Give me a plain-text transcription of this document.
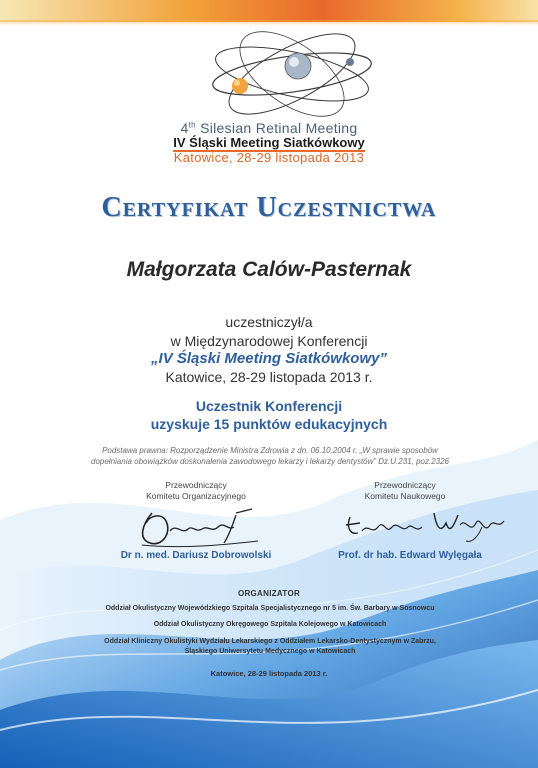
4th Silesian Retinal Meeting
IV Śląski Meeting Siatkówkowy
Katowice, 28-29 listopada 2013
Certyfikat Uczestnictwa
Małgorzata Calów-Pasternak
uczestniczył/a
w Międzynarodowej Konferencji
„IV Śląski Meeting Siatkówkowy”
Katowice, 28-29 listopada 2013 r.
Uczestnik Konferencji
uzyskuje 15 punktów edukacyjnych
Podstawa prawna: Rozporządzenie Ministra Zdrowia z dn. 06.10.2004 r. „W sprawie sposobów
dopełniania obowiązków doskonalenia zawodowego lekarzy i lekarzy dentystów” Dz.U.231, poz.2326
Przewodniczący
Komitetu Organizacyjnego
Przewodniczący
Komitetu Naukowego
Dr n. med. Dariusz Dobrowolski	Prof. dr hab. Edward Wylęgała
ORGANIZATOR
Oddział Okulistyczny Wojewódzkiego Szpitala Specjalistycznego nr 5 im. Św. Barbary w Sosnowcu
Oddział Okulistyczny Okręgowego Szpitala Kolejowego w Katowicach
Oddział Kliniczny Okulistyki Wydziału Lekarskiego z Oddziałem Lekarsko-Dentystycznym w Zabrzu,
Śląskiego Uniwersytetu Medycznego w Katowicach
Katowice, 28-29 listopada 2013 r.
